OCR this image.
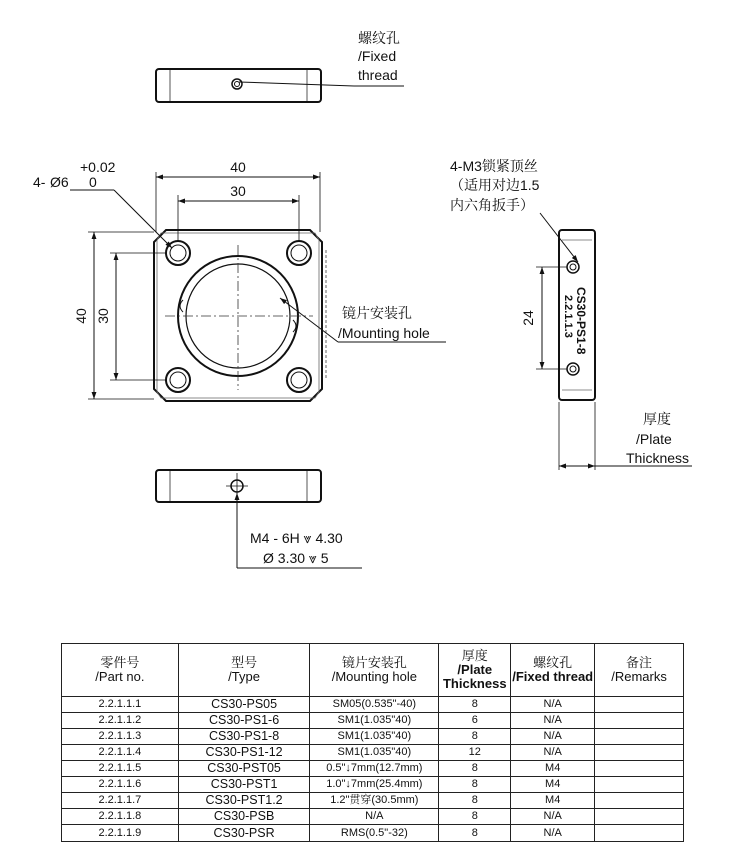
螺纹孔
/Fixed
thread
40
30
40 30
4- Ø6
+0.02
0
镜片安装孔
/Mounting hole	CS30-PS1-8
2.2.1.1.3
24
4-M3锁紧顶丝
（适用对边1.5
内六角扳手）
厚度
/Plate
Thickness
M4 - 6H ⩔ 4.30
Ø 3.30 ⩔ 5
零件号
/Part no.	型号
/Type	镜片安装孔
/Mounting hole	厚度
/Plate Thickness	螺纹孔
/Fixed thread	备注
/Remarks

2.2.1.1.1	CS30-PS05	SM05(0.535"-40)	8	N/A	
2.2.1.1.2	CS30-PS1-6	SM1(1.035"40)	6	N/A	
2.2.1.1.3	CS30-PS1-8	SM1(1.035"40)	8	N/A	
2.2.1.1.4	CS30-PS1-12	SM1(1.035"40)	12	N/A	
2.2.1.1.5	CS30-PST05	0.5"↓7mm(12.7mm)	8	M4	
2.2.1.1.6	CS30-PST1	1.0"↓7mm(25.4mm)	8	M4	
2.2.1.1.7	CS30-PST1.2	1.2"贯穿(30.5mm)	8	M4	
2.2.1.1.8	CS30-PSB	N/A	8	N/A	
2.2.1.1.9	CS30-PSR	RMS(0.5"-32)	8	N/A	
